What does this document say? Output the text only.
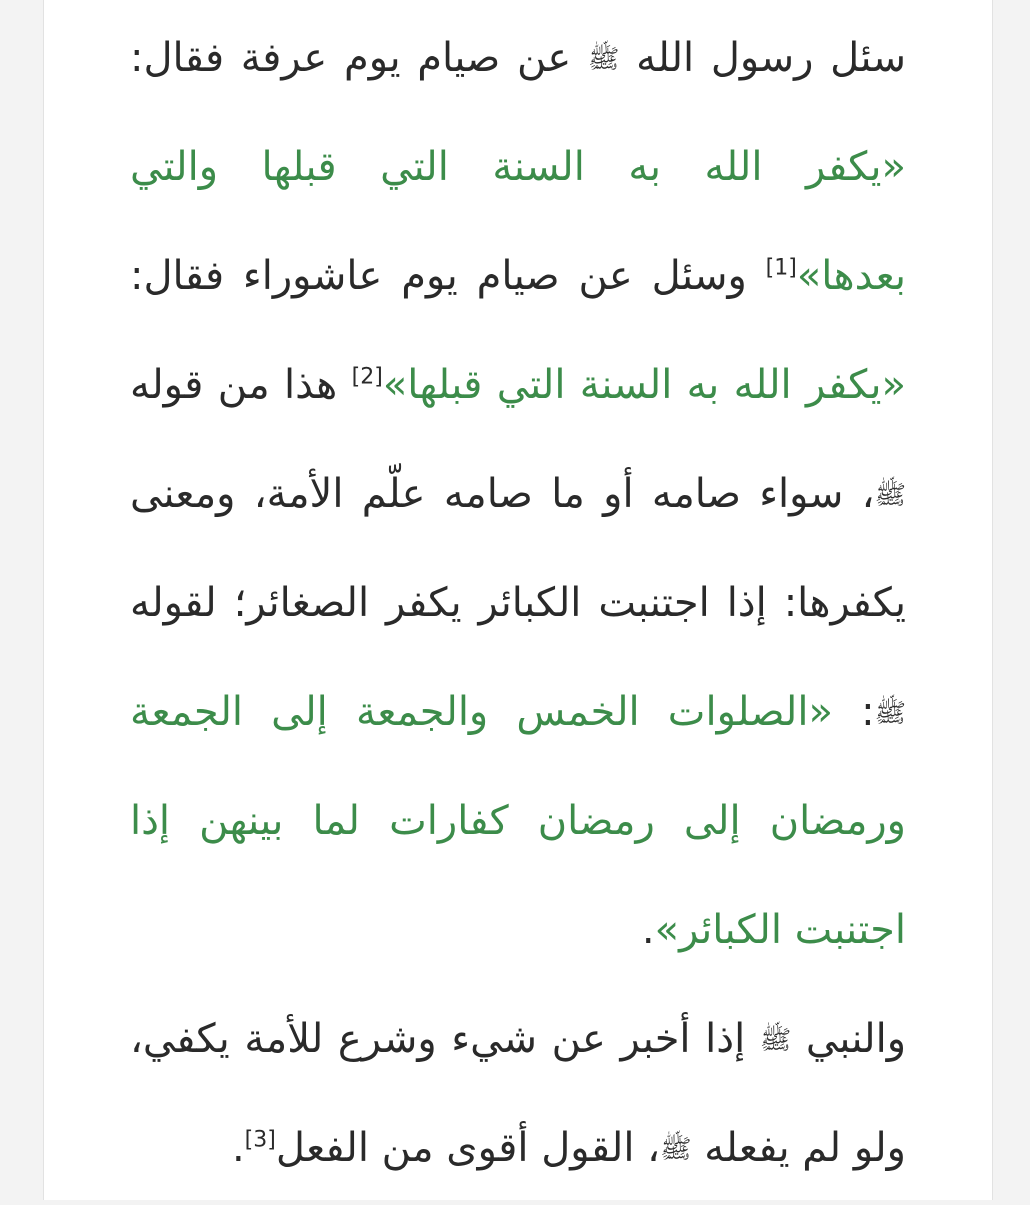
سئل رسول الله ﷺ عن صيام يوم عرفة فقال:
«يكفر الله به السنة التي قبلها والتي
بعدها»[1] وسئل عن صيام يوم عاشوراء فقال:
«يكفر الله به السنة التي قبلها»[2] هذا من قوله
ﷺ، سواء صامه أو ما صامه علّم الأمة، ومعنى
يكفرها: إذا اجتنبت الكبائر يكفر الصغائر؛ لقوله
ﷺ: «الصلوات الخمس والجمعة إلى الجمعة
ورمضان إلى رمضان كفارات لما بينهن إذا
اجتنبت الكبائر».
والنبي ﷺ إذا أخبر عن شيء وشرع للأمة يكفي،
ولو لم يفعله ﷺ، القول أقوى من الفعل[3].
